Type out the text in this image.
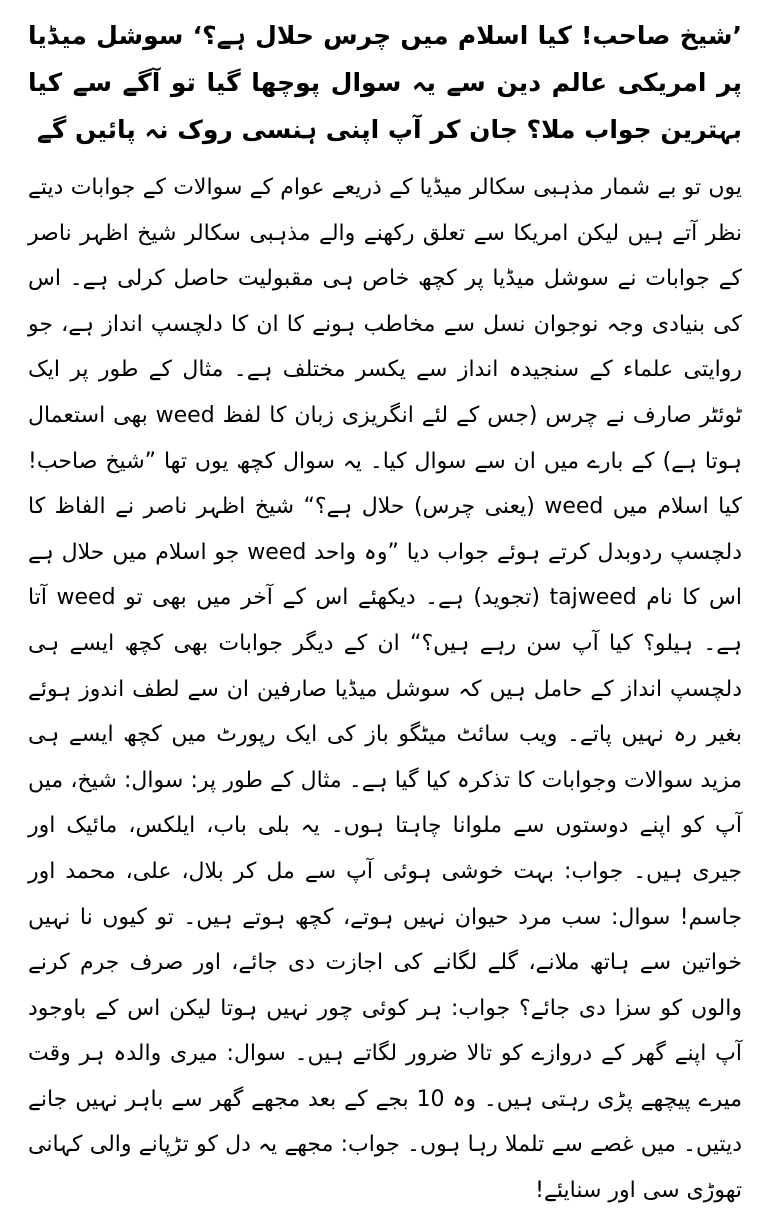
’شیخ صاحب! کیا اسلام میں چرس حلال ہے؟‘ سوشل میڈیا پر امریکی عالم دین سے یہ سوال پوچھا گیا تو آگے سے کیا بہترین جواب ملا؟ جان کر آپ اپنی ہنسی روک نہ پائیں گے

یوں تو بے شمار مذہبی سکالر میڈیا کے ذریعے عوام کے سوالات کے جوابات دیتے نظر آتے ہیں لیکن امریکا سے تعلق رکھنے والے مذہبی سکالر شیخ اظہر ناصر کے جوابات نے سوشل میڈیا پر کچھ خاص ہی مقبولیت حاصل کرلی ہے۔ اس کی بنیادی وجہ نوجوان نسل سے مخاطب ہونے کا ان کا دلچسپ انداز ہے، جو روایتی علماء کے سنجیدہ انداز سے یکسر مختلف ہے۔ مثال کے طور پر ایک ٹوئٹر صارف نے چرس (جس کے لئے انگریزی زبان کا لفظ weed بھی استعمال ہوتا ہے) کے بارے میں ان سے سوال کیا۔ یہ سوال کچھ یوں تھا ”شیخ صاحب! کیا اسلام میں weed (یعنی چرس) حلال ہے؟“ شیخ اظہر ناصر نے الفاظ کا دلچسپ ردوبدل کرتے ہوئے جواب دیا ”وہ واحد weed جو اسلام میں حلال ہے اس کا نام tajweed (تجوید) ہے۔ دیکھئے اس کے آخر میں بھی تو weed آتا ہے۔ ہیلو؟ کیا آپ سن رہے ہیں؟“ ان کے دیگر جوابات بھی کچھ ایسے ہی دلچسپ انداز کے حامل ہیں کہ سوشل میڈیا صارفین ان سے لطف اندوز ہوئے بغیر رہ نہیں پاتے۔ ویب سائٹ میٹگو باز کی ایک رپورٹ میں کچھ ایسے ہی مزید سوالات وجوابات کا تذکرہ کیا گیا ہے۔ مثال کے طور پر: سوال: شیخ، میں آپ کو اپنے دوستوں سے ملوانا چاہتا ہوں۔ یہ بلی باب، ایلکس، مائیک اور جیری ہیں۔ جواب: بہت خوشی ہوئی آپ سے مل کر بلال، علی، محمد اور جاسم! سوال: سب مرد حیوان نہیں ہوتے، کچھ ہوتے ہیں۔ تو کیوں نا نہیں خواتین سے ہاتھ ملانے، گلے لگانے کی اجازت دی جائے، اور صرف جرم کرنے والوں کو سزا دی جائے؟ جواب: ہر کوئی چور نہیں ہوتا لیکن اس کے باوجود آپ اپنے گھر کے دروازے کو تالا ضرور لگاتے ہیں۔ سوال: میری والدہ ہر وقت میرے پیچھے پڑی رہتی ہیں۔ وہ 10 بجے کے بعد مجھے گھر سے باہر نہیں جانے دیتیں۔ میں غصے سے تلملا رہا ہوں۔ جواب: مجھے یہ دل کو تڑپانے والی کہانی تھوڑی سی اور سنایئے!
